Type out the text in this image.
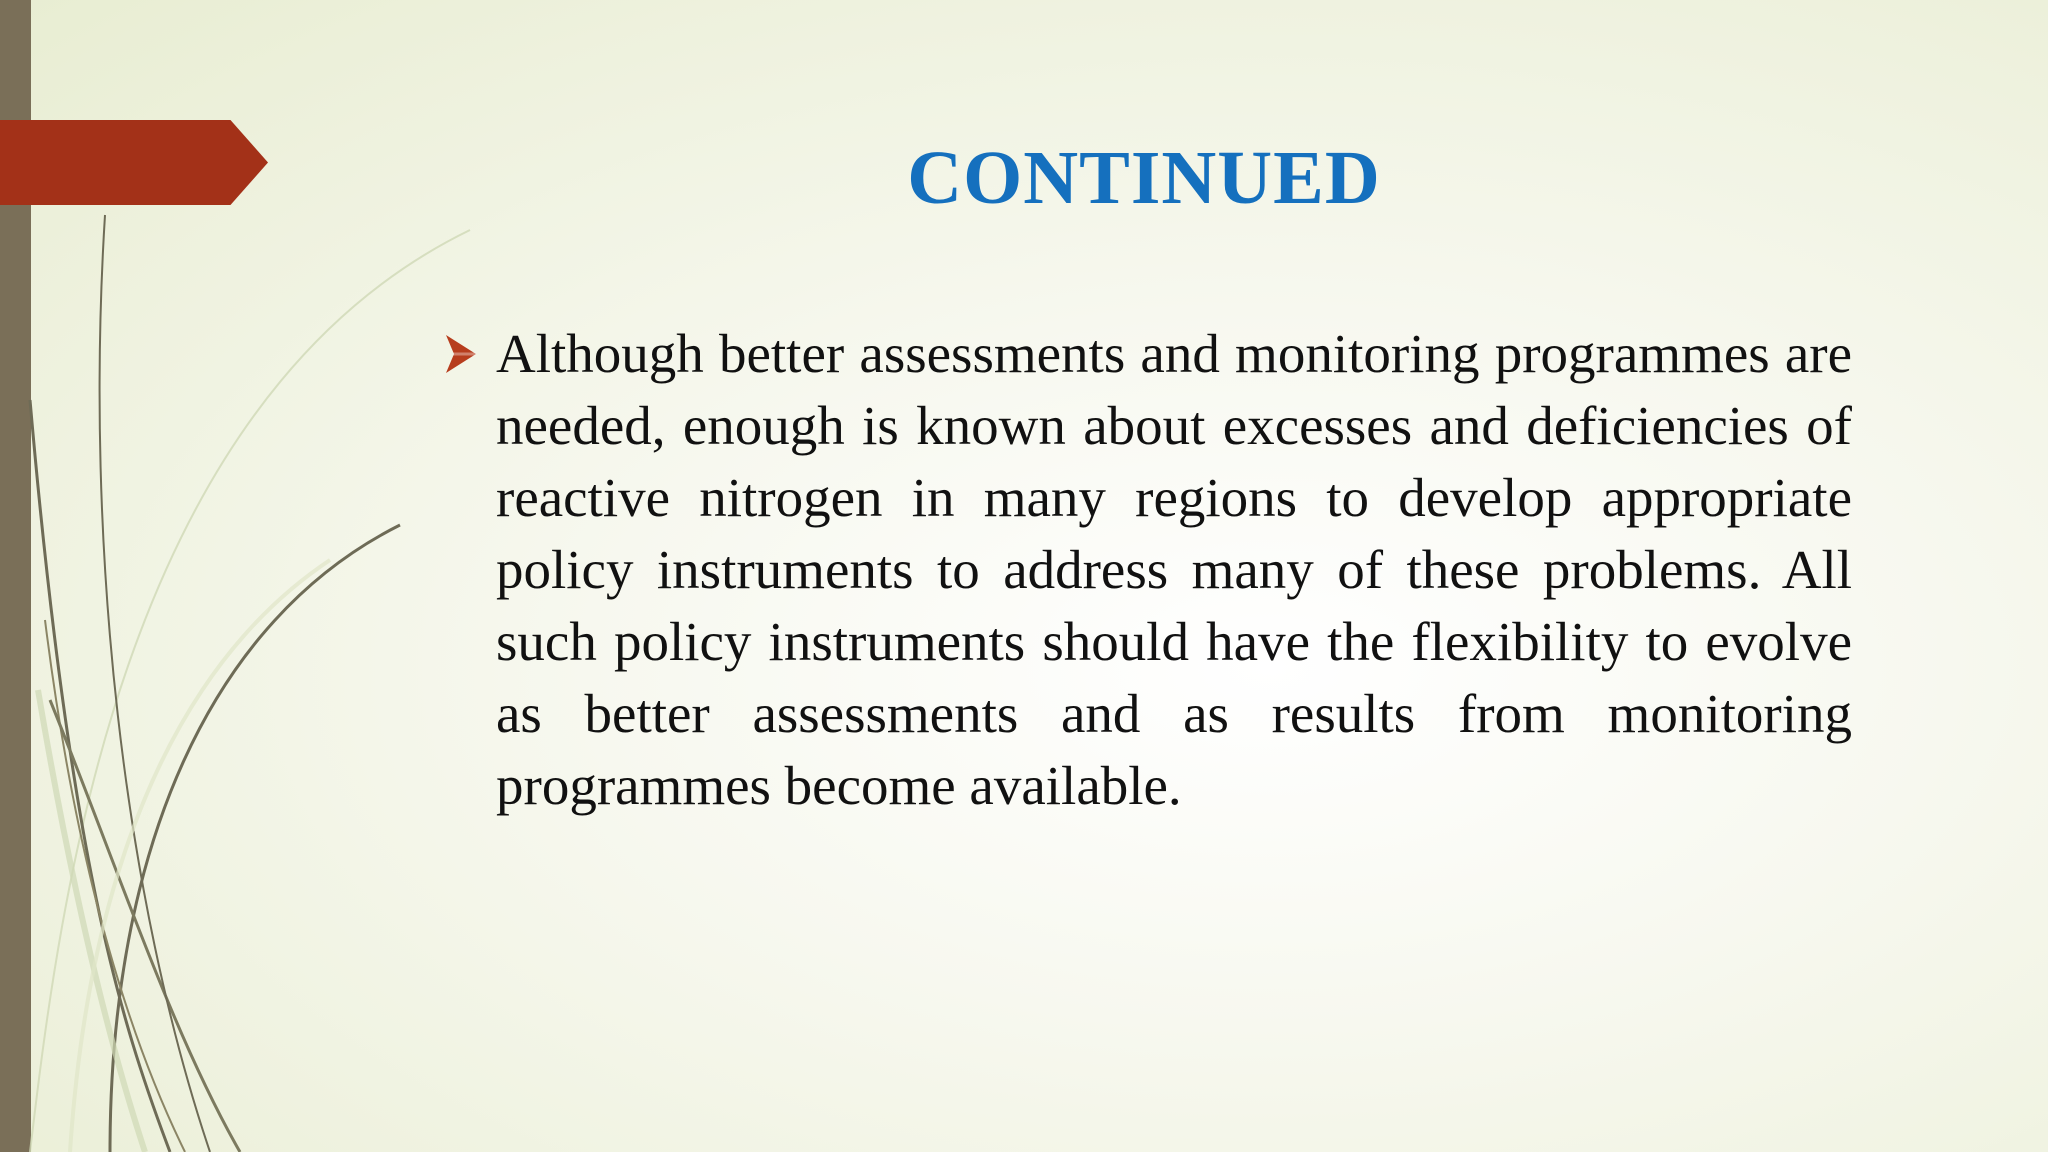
CONTINUED

Although better assessments and monitoring programmes are needed, enough is known about excesses and deficiencies of reactive nitrogen in many regions to develop appropriate policy instruments to address many of these problems. All such policy instruments should have the flexibility to evolve as better assessments and as results from monitoring programmes become available.
